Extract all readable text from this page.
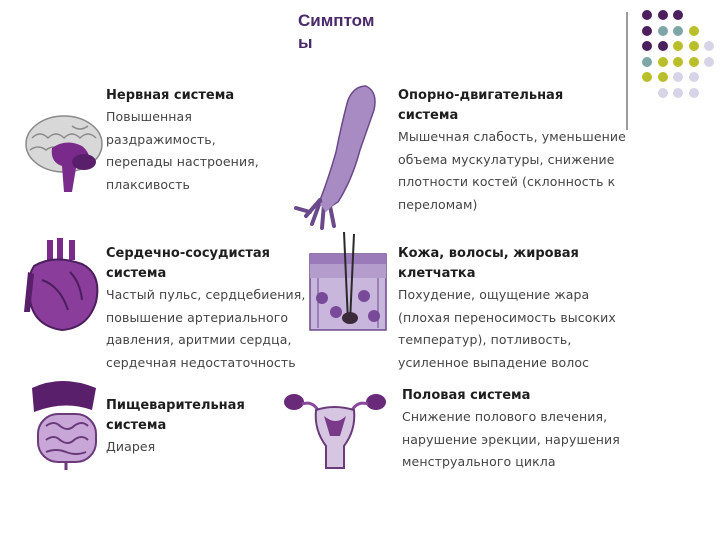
Симптомы
Нервная система
Повышенная
раздражимость,
перепады настроения,
плаксивость
Опорно-двигательная
система
Мышечная слабость, уменьшение
объема мускулатуры, снижение
плотности костей (склонность к
переломам)
Сердечно-сосудистая
система
Частый пульс, сердцебиения,
повышение артериального
давления, аритмии сердца,
сердечная недостаточность
Кожа, волосы, жировая
клетчатка
Похудение, ощущение жара
(плохая переносимость высоких
температур), потливость,
усиленное выпадение волос
Пищеварительная
система
Диарея
Половая система
Снижение полового влечения,
нарушение эрекции, нарушения
менструального цикла
